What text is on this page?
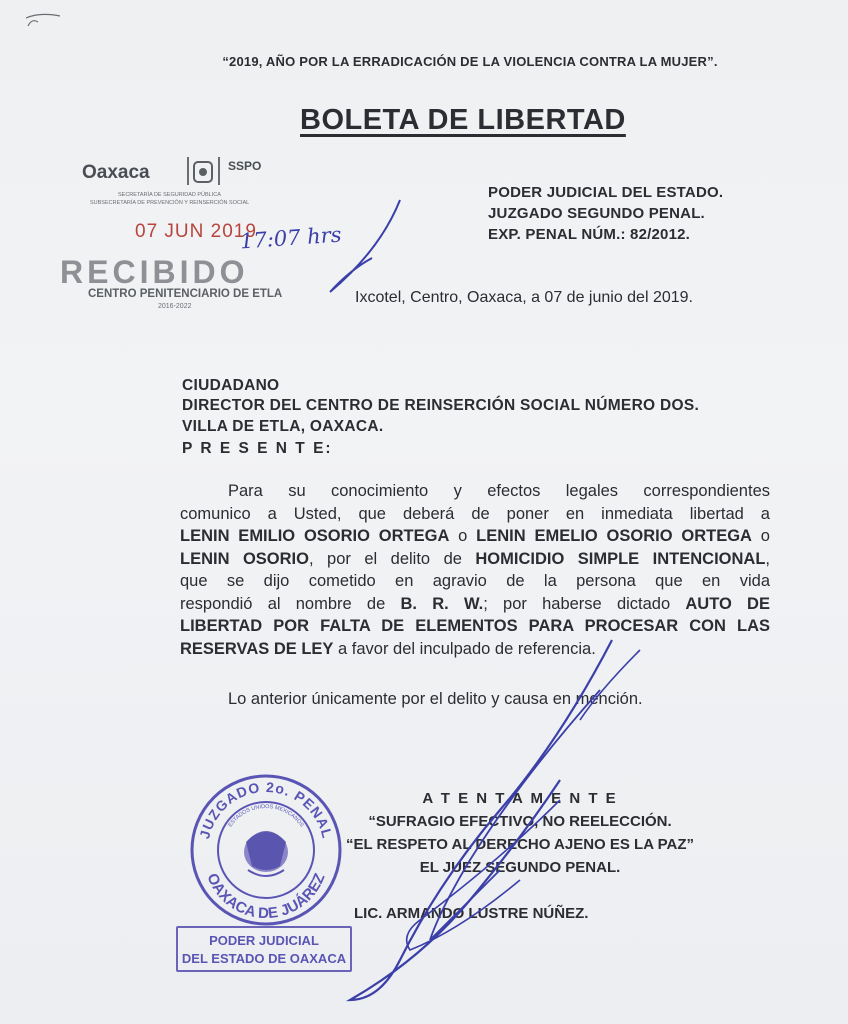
“2019, AÑO POR LA ERRADICACIÓN DE LA VIOLENCIA CONTRA LA MUJER”.
BOLETA DE LIBERTAD
Oaxaca	SSPO
SECRETARÍA DE SEGURIDAD PÚBLICA
SUBSECRETARÍA DE PREVENCIÓN Y REINSERCIÓN SOCIAL
07 JUN 2019
17:07 hrs
RECIBIDO
CENTRO PENITENCIARIO DE ETLA
2016-2022
PODER JUDICIAL DEL ESTADO.
JUZGADO SEGUNDO PENAL.
EXP. PENAL NÚM.: 82/2012.
Ixcotel, Centro, Oaxaca, a 07 de junio del 2019.
CIUDADANO
DIRECTOR DEL CENTRO DE REINSERCIÓN SOCIAL NÚMERO DOS.
VILLA DE ETLA, OAXACA.
P R E S E N T E:
Para su conocimiento y efectos legales correspondientes
comunico a Usted, que deberá de poner en inmediata libertad a
LENIN EMILIO OSORIO ORTEGA o LENIN EMELIO OSORIO ORTEGA o
LENIN OSORIO, por el delito de HOMICIDIO SIMPLE INTENCIONAL,
que se dijo cometido en agravio de la persona que en vida
respondió al nombre de B. R. W.; por haberse dictado AUTO DE
LIBERTAD POR FALTA DE ELEMENTOS PARA PROCESAR CON LAS
RESERVAS DE LEY a favor del inculpado de referencia.
Lo anterior únicamente por el delito y causa en mención.
A T E N T A M E N T E
“SUFRAGIO EFECTIVO, NO REELECCIÓN.
“EL RESPETO AL DERECHO AJENO ES LA PAZ”
EL JUEZ SEGUNDO PENAL.
LIC. ARMANDO LUSTRE NÚÑEZ.
JUZGADO 2o. PENAL
ESTADOS UNIDOS MEXICANOS
OAXACA DE JUÁREZ
PODER JUDICIAL
DEL ESTADO DE OAXACA
